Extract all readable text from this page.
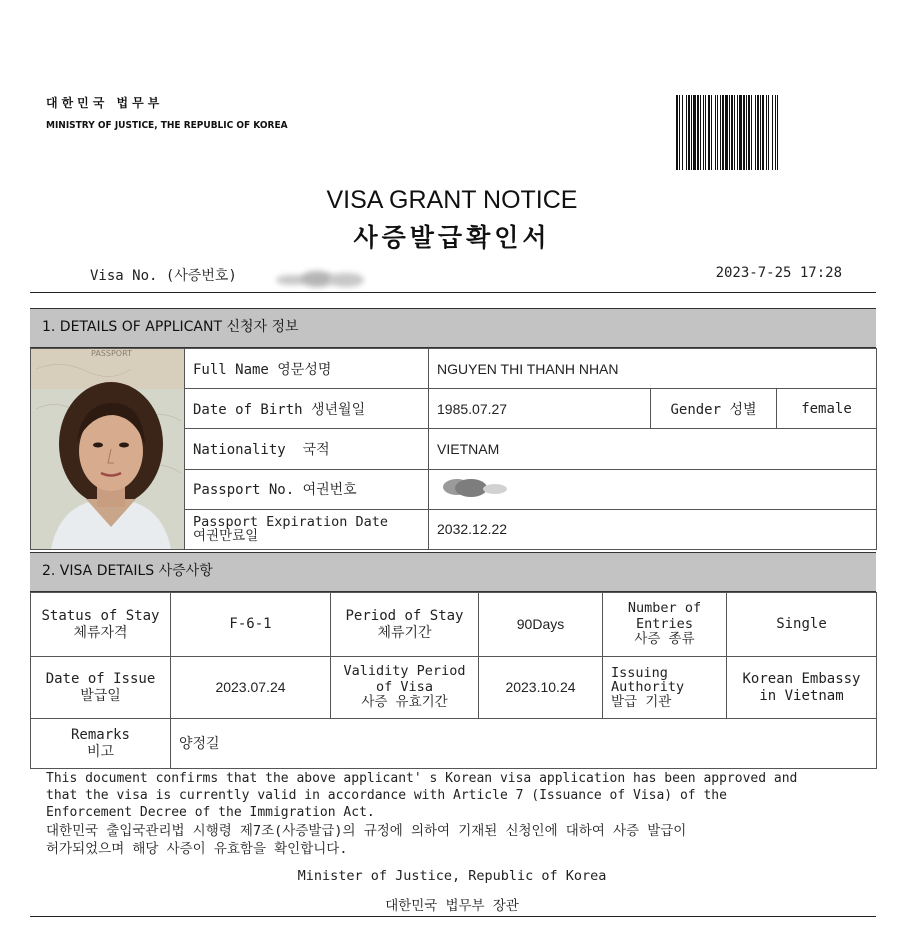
대한민국 법무부
MINISTRY OF JUSTICE, THE REPUBLIC OF KOREA
VISA GRANT NOTICE
사증발급확인서
Visa No. (사증번호)	2023-7-25 17:28
1. DETAILS OF APPLICANT 신청자 정보
PASSPORT	Full Name 영문성명	NGUYEN THI THANH NHAN		
	Date of Birth 생년월일	1985.07.27	Gender 성별	female
	Nationality  국적	VIETNAM		
	Passport No. 여권번호	
	Passport Expiration Date
여권만료일	2032.12.22		
2. VISA DETAILS 사증사항
Status of Stay
체류자격	F-6-1	Period of Stay
체류기간	90Days	Number of
Entries
사증 종류	Single
Date of Issue
발급일	2023.07.24	Validity Period
of Visa
사증 유효기간	2023.10.24	Issuing
Authority
발급 기관	Korean Embassy
in Vietnam
Remarks
비고	양정길				
This document confirms that the above applicant' s Korean visa application has been approved and
that the visa is currently valid in accordance with Article 7 (Issuance of Visa) of the
Enforcement Decree of the Immigration Act.
대한민국 출입국관리법 시행령 제7조(사증발급)의 규정에 의하여 기재된 신청인에 대하여 사증 발급이
허가되었으며 해당 사증이 유효함을 확인합니다.
Minister of Justice, Republic of Korea
대한민국 법무부 장관
